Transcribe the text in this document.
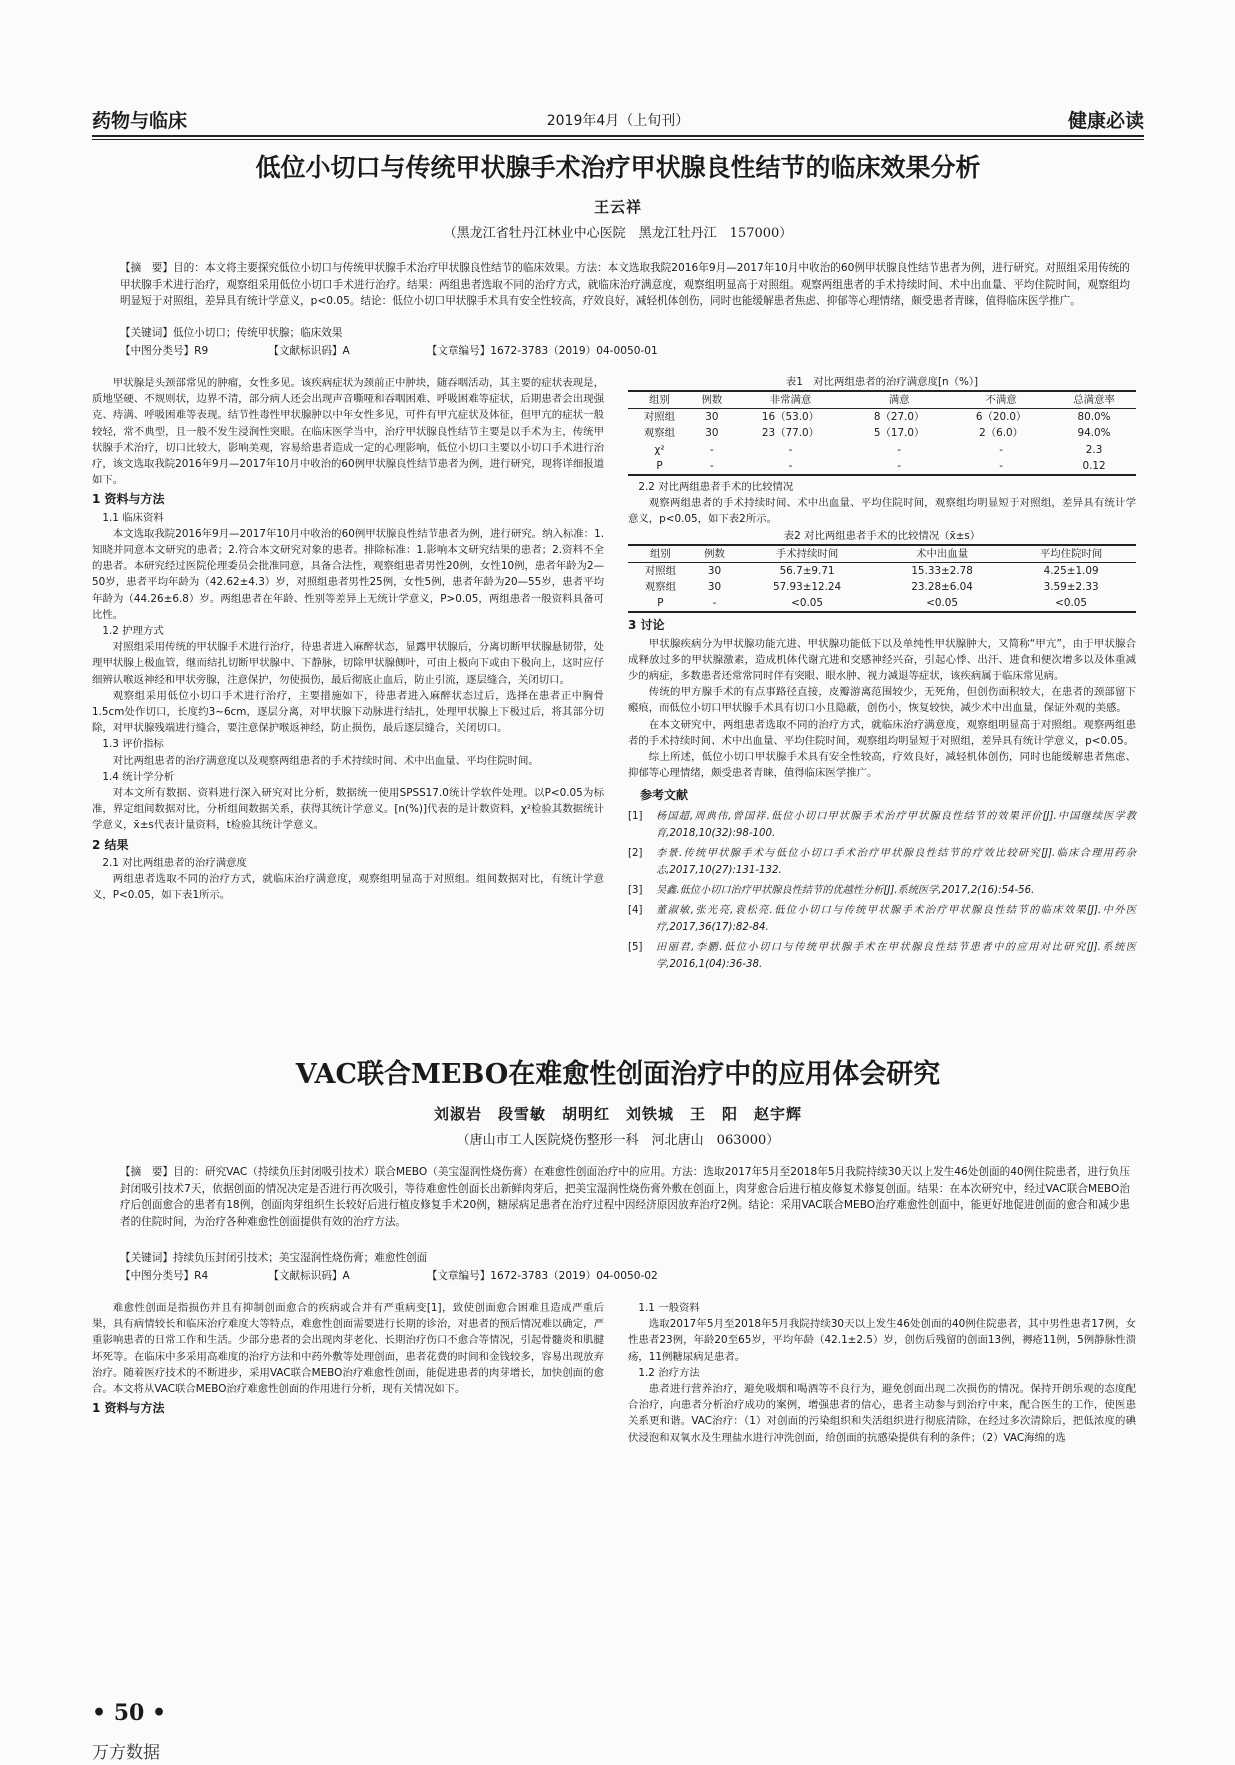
药物与临床	2019年4月（上旬刊）	健康必读
低位小切口与传统甲状腺手术治疗甲状腺良性结节的临床效果分析
王云祥
（黑龙江省牡丹江林业中心医院　黑龙江牡丹江　157000）
【摘　要】目的：本文将主要探究低位小切口与传统甲状腺手术治疗甲状腺良性结节的临床效果。方法：本文选取我院2016年9月—2017年10月中收治的60例甲状腺良性结节患者为例，进行研究。对照组采用传统的甲状腺手术进行治疗，观察组采用低位小切口手术进行治疗。结果：两组患者选取不同的治疗方式，就临床治疗满意度，观察组明显高于对照组。观察两组患者的手术持续时间、术中出血量、平均住院时间，观察组均明显短于对照组，差异具有统计学意义，p<0.05。结论：低位小切口甲状腺手术具有安全性较高，疗效良好，减轻机体创伤，同时也能缓解患者焦虑、抑郁等心理情绪，颇受患者青睐，值得临床医学推广。
【关键词】低位小切口；传统甲状腺；临床效果
【中图分类号】R9	【文献标识码】A	【文章编号】1672-3783（2019）04-0050-01

甲状腺是头颈部常见的肿瘤，女性多见。该疾病症状为颈前正中肿块，随吞咽活动，其主要的症状表现是，质地坚硬、不规则状，边界不清，部分病人还会出现声音嘶哑和吞咽困难、呼吸困难等症状，后期患者会出现强克、痔满、呼吸困难等表现。结节性毒性甲状腺肿以中年女性多见，可件有甲亢症状及体征，但甲亢的症状一般较轻，常不典型，且一般不发生浸润性突眼。在临床医学当中，治疗甲状腺良性结节主要是以手术为主，传统甲状腺手术治疗，切口比较大，影响美观，容易给患者造成一定的心理影响，低位小切口主要以小切口手术进行治疗，该文选取我院2016年9月—2017年10月中收治的60例甲状腺良性结节患者为例，进行研究，现将详细报道如下。

1 资料与方法
1.1 临床资料

本文选取我院2016年9月—2017年10月中收治的60例甲状腺良性结节患者为例，进行研究。纳入标准：1.知晓并同意本文研究的患者；2.符合本文研究对象的患者。排除标准：1.影响本文研究结果的患者；2.资料不全的患者。本研究经过医院伦理委员会批准同意，具备合法性，观察组患者男性20例，女性10例，患者年龄为2—50岁，患者平均年龄为（42.62±4.3）岁，对照组患者男性25例，女性5例，患者年龄为20—55岁，患者平均年龄为（44.26±6.8）岁。两组患者在年龄、性别等差异上无统计学意义，P>0.05，两组患者一般资料具备可比性。

1.2 护理方式

对照组采用传统的甲状腺手术进行治疗，待患者进入麻醉状态，显露甲状腺后，分离切断甲状腺悬韧带，处理甲状腺上极血管，继而结扎切断甲状腺中、下静脉，切除甲状腺侧叶，可由上极向下或由下极向上，这时应仔细辨认喉返神经和甲状旁腺，注意保护，勿使损伤，最后彻底止血后，防止引流，逐层缝合，关闭切口。

观察组采用低位小切口手术进行治疗，主要措施如下，待患者进入麻醉状态过后，选择在患者正中胸骨1.5cm处作切口，长度约3~6cm，逐层分离，对甲状腺下动脉进行结扎，处理甲状腺上下极过后，将其部分切除，对甲状腺残端进行缝合，要注意保护喉返神经，防止损伤，最后逐层缝合，关闭切口。

1.3 评价指标

对比两组患者的治疗满意度以及观察两组患者的手术持续时间、术中出血量、平均住院时间。

1.4 统计学分析

对本文所有数据、资料进行深入研究对比分析，数据统一使用SPSS17.0统计学软件处理。以P<0.05为标准，界定组间数据对比，分析组间数据关系，获得其统计学意义。[n(%)]代表的是计数资料，χ²检验其数据统计学意义，x̄±s代表计量资料，t检验其统计学意义。

2 结果
2.1 对比两组患者的治疗满意度

两组患者选取不同的治疗方式，就临床治疗满意度，观察组明显高于对照组。组间数据对比，有统计学意义，P<0.05，如下表1所示。

表1　对比两组患者的治疗满意度[n（%）]
组别	例数	非常满意	满意	不满意	总满意率
对照组	30	16（53.0）	8（27.0）	6（20.0）	80.0%
观察组	30	23（77.0）	5（17.0）	2（6.0）	94.0%
χ²	-	-	-	-	2.3
P	-	-	-	-	0.12
2.2 对比两组患者手术的比较情况

观察两组患者的手术持续时间、术中出血量、平均住院时间，观察组均明显短于对照组，差异具有统计学意义，p<0.05，如下表2所示。

表2 对比两组患者手术的比较情况（x̄±s）
组别	例数	手术持续时间	术中出血量	平均住院时间
对照组	30	56.7±9.71	15.33±2.78	4.25±1.09
观察组	30	57.93±12.24	23.28±6.04	3.59±2.33
P	-	<0.05	<0.05	<0.05
3 讨论

甲状腺疾病分为甲状腺功能亢进、甲状腺功能低下以及单纯性甲状腺肿大，又简称“甲亢”，由于甲状腺合成释放过多的甲状腺激素，造成机体代谢亢进和交感神经兴奋，引起心悸、出汗、进食和便次增多以及体重减少的病症，多数患者还常常同时伴有突眼、眼水肿、视力减退等症状，该疾病属于临床常见病。

传统的甲方腺手术的有点事路径直接，皮瓣游离范围较少，无死角，但创伤面积较大，在患者的颈部留下瘢痕，而低位小切口甲状腺手术具有切口小且隐蔽，创伤小，恢复较快，减少术中出血量，保证外观的美感。

在本文研究中，两组患者选取不同的治疗方式，就临床治疗满意度，观察组明显高于对照组。观察两组患者的手术持续时间、术中出血量、平均住院时间，观察组均明显短于对照组，差异具有统计学意义，p<0.05。

综上所述，低位小切口甲状腺手术具有安全性较高，疗效良好，减轻机体创伤，同时也能缓解患者焦虑、抑郁等心理情绪，颇受患者青睐，值得临床医学推广。

参考文献
[1]	杨国超,周典伟,曾国祥.低位小切口甲状腺手术治疗甲状腺良性结节的效果评价[J].中国继续医学教育,2018,10(32):98-100.
[2]	李景.传统甲状腺手术与低位小切口手术治疗甲状腺良性结节的疗效比较研究[J].临床合理用药杂志,2017,10(27):131-132.
[3]	吴鑫.低位小切口治疗甲状腺良性结节的优越性分析[J].系统医学,2017,2(16):54-56.
[4]	董淑敏,张光亮,袁松亮.低位小切口与传统甲状腺手术治疗甲状腺良性结节的临床效果[J].中外医疗,2017,36(17):82-84.
[5]	田丽君,李鹏.低位小切口与传统甲状腺手术在甲状腺良性结节患者中的应用对比研究[J].系统医学,2016,1(04):36-38.
VAC联合MEBO在难愈性创面治疗中的应用体会研究
刘淑岩　段雪敏　胡明红　刘铁城　王　阳　赵宇辉
（唐山市工人医院烧伤整形一科　河北唐山　063000）
【摘　要】目的：研究VAC（持续负压封闭吸引技术）联合MEBO（美宝湿润性烧伤膏）在难愈性创面治疗中的应用。方法：选取2017年5月至2018年5月我院持续30天以上发生46处创面的40例住院患者，进行负压封闭吸引技术7天，依据创面的情况决定是否进行再次吸引，等待难愈性创面长出新鲜肉芽后，把美宝湿润性烧伤膏外敷在创面上，肉芽愈合后进行植皮修复术修复创面。结果：在本次研究中，经过VAC联合MEBO治疗后创面愈合的患者有18例，创面肉芽组织生长较好后进行植皮修复手术20例，糖尿病足患者在治疗过程中因经济原因放弃治疗2例。结论：采用VAC联合MEBO治疗难愈性创面中，能更好地促进创面的愈合和减少患者的住院时间，为治疗各种难愈性创面提供有效的治疗方法。
【关键词】持续负压封闭引技术；美宝湿润性烧伤膏；难愈性创面
【中图分类号】R4	【文献标识码】A	【文章编号】1672-3783（2019）04-0050-02

难愈性创面是指损伤并且有抑制创面愈合的疾病或合并有严重病变[1]，致使创面愈合困难且造成严重后果，具有病情较长和临床治疗难度大等特点，难愈性创面需要进行长期的诊治，对患者的预后情况难以确定，严重影响患者的日常工作和生活。少部分患者的会出现肉芽老化、长期治疗伤口不愈合等情况，引起骨髓炎和肌腱坏死等。在临床中多采用高难度的治疗方法和中药外敷等处理创面，患者花费的时间和金钱较多，容易出现放弃治疗。随着医疗技术的不断进步，采用VAC联合MEBO治疗难愈性创面，能促进患者的肉芽增长，加快创面的愈合。本文将从VAC联合MEBO治疗难愈性创面的作用进行分析，现有关情况如下。

1 资料与方法
1.1 一般资料

选取2017年5月至2018年5月我院持续30天以上发生46处创面的40例住院患者，其中男性患者17例，女性患者23例，年龄20至65岁，平均年龄（42.1±2.5）岁，创伤后残留的创面13例，褥疮11例，5例静脉性溃疡，11例糖尿病足患者。

1.2 治疗方法

患者进行营养治疗，避免吸烟和喝酒等不良行为，避免创面出现二次损伤的情况。保持开朗乐观的态度配合治疗，向患者分析治疗成功的案例，增强患者的信心，患者主动参与到治疗中来，配合医生的工作，使医患关系更和谐。VAC治疗：（1）对创面的污染组织和失活组织进行彻底清除，在经过多次清除后，把低浓度的碘伏浸泡和双氧水及生理盐水进行冲洗创面，给创面的抗感染提供有利的条件；（2）VAC海绵的选

• 50 •
万方数据
